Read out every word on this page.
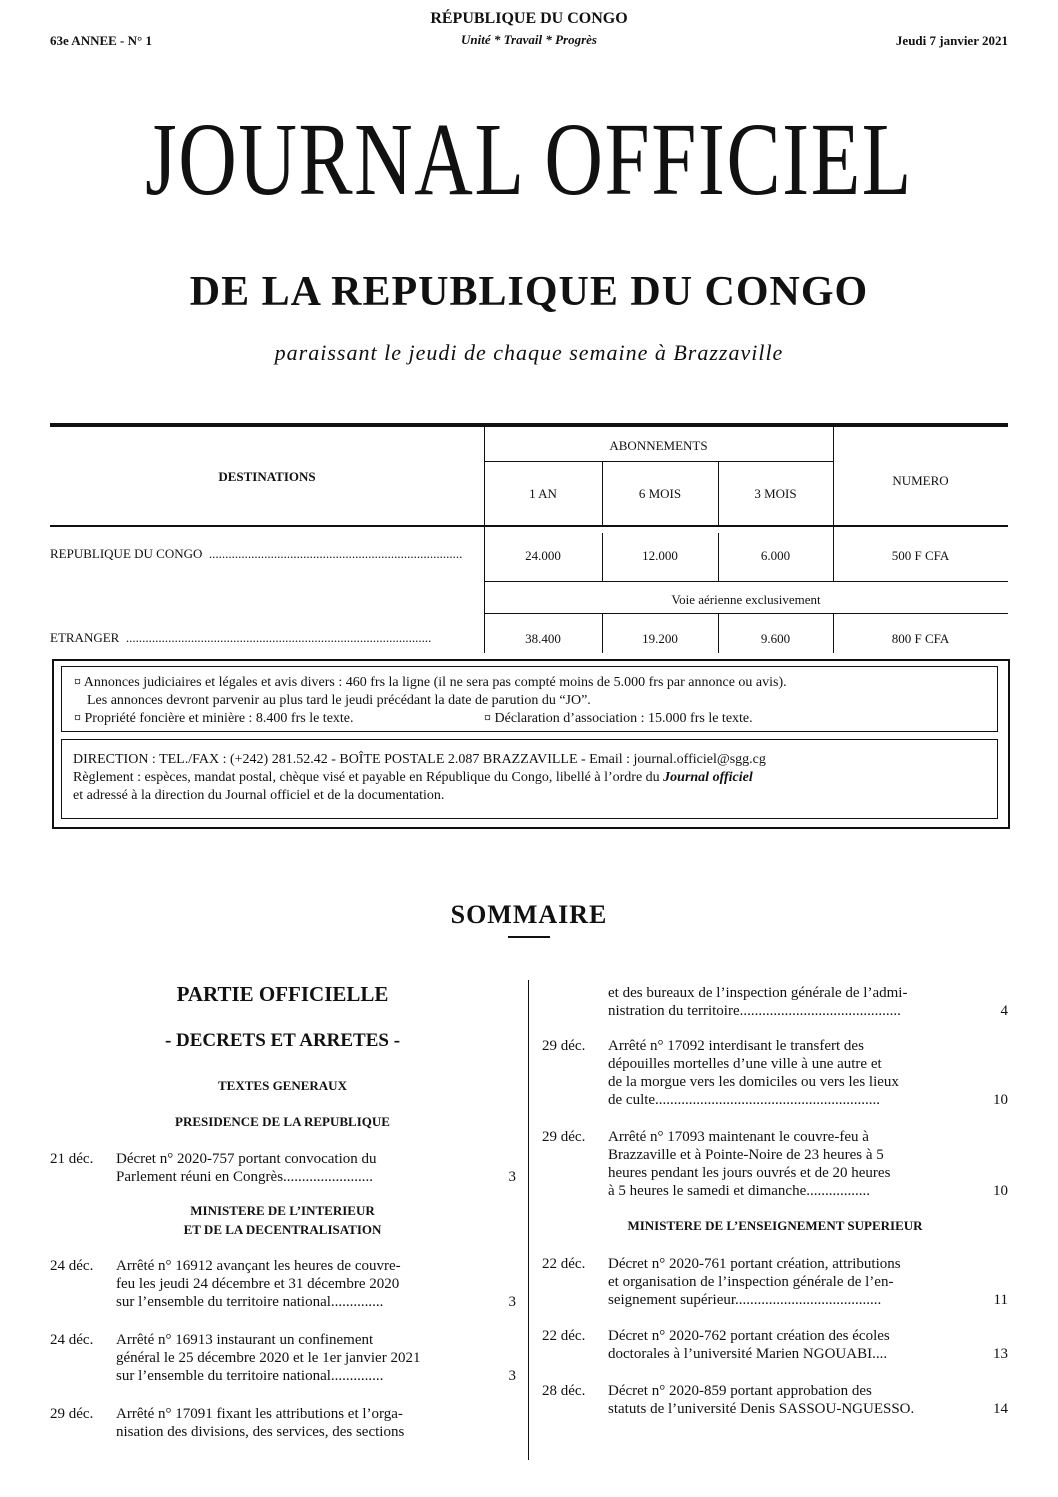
RÉPUBLIQUE DU CONGO
Unité * Travail * Progrès
63e ANNEE - N° 1	Jeudi 7 janvier 2021
JOURNAL OFFICIEL
DE LA REPUBLIQUE DU CONGO
paraissant le jeudi de chaque semaine à Brazzaville
DESTINATIONS
ABONNEMENTS
1 AN	6 MOIS	3 MOIS
NUMERO
REPUBLIQUE DU CONGO  ..............................................................................	24.000	12.000	6.000	500 F CFA
Voie aérienne exclusivement
ETRANGER  ..............................................................................................	38.400	19.200	9.600	800 F CFA
¤ Annonces judiciaires et légales et avis divers : 460 frs la ligne (il ne sera pas compté moins de 5.000 frs par annonce ou avis).
Les annonces devront parvenir au plus tard le jeudi précédant la date de parution du “JO”.
¤ Propriété foncière et minière : 8.400 frs le texte.	¤ Déclaration d’association : 15.000 frs le texte.
DIRECTION : TEL./FAX : (+242) 281.52.42 - BOÎTE POSTALE 2.087 BRAZZAVILLE - Email : journal.officiel@sgg.cg
Règlement : espèces, mandat postal, chèque visé et payable en République du Congo, libellé à l’ordre du Journal officiel
et adressé à la direction du Journal officiel et de la documentation.
SOMMAIRE
PARTIE OFFICIELLE
- DECRETS ET ARRETES -
TEXTES GENERAUX
PRESIDENCE DE LA REPUBLIQUE
21 déc. Décret n° 2020-757 portant convocation du
Parlement réuni en Congrès........................	3
MINISTERE DE L’INTERIEUR
ET DE LA DECENTRALISATION
24 déc. Arrêté n° 16912 avançant les heures de couvre-
feu les jeudi 24 décembre et 31 décembre 2020
sur l’ensemble du territoire national..............	3
24 déc. Arrêté n° 16913 instaurant un confinement
général le 25 décembre 2020 et le 1er janvier 2021
sur l’ensemble du territoire national..............	3
29 déc. Arrêté n° 17091 fixant les attributions et l’orga-
nisation des divisions, des services, des sections
et des bureaux de l’inspection générale de l’admi-
nistration du territoire...........................................	4
29 déc. Arrêté n° 17092 interdisant le transfert des
dépouilles mortelles d’une ville à une autre et
de la morgue vers les domiciles ou vers les lieux
de culte............................................................	10
29 déc. Arrêté n° 17093 maintenant le couvre-feu à
Brazzaville et à Pointe-Noire de 23 heures à 5
heures pendant les jours ouvrés et de 20 heures
à 5 heures le samedi et dimanche.................	10
MINISTERE DE L’ENSEIGNEMENT SUPERIEUR
22 déc. Décret n° 2020-761 portant création, attributions
et organisation de l’inspection générale de l’en-
seignement supérieur.......................................	11
22 déc. Décret n° 2020-762 portant création des écoles
doctorales à l’université Marien NGOUABI....	13
28 déc. Décret n° 2020-859 portant approbation des
statuts de l’université Denis SASSOU-NGUESSO.	14
